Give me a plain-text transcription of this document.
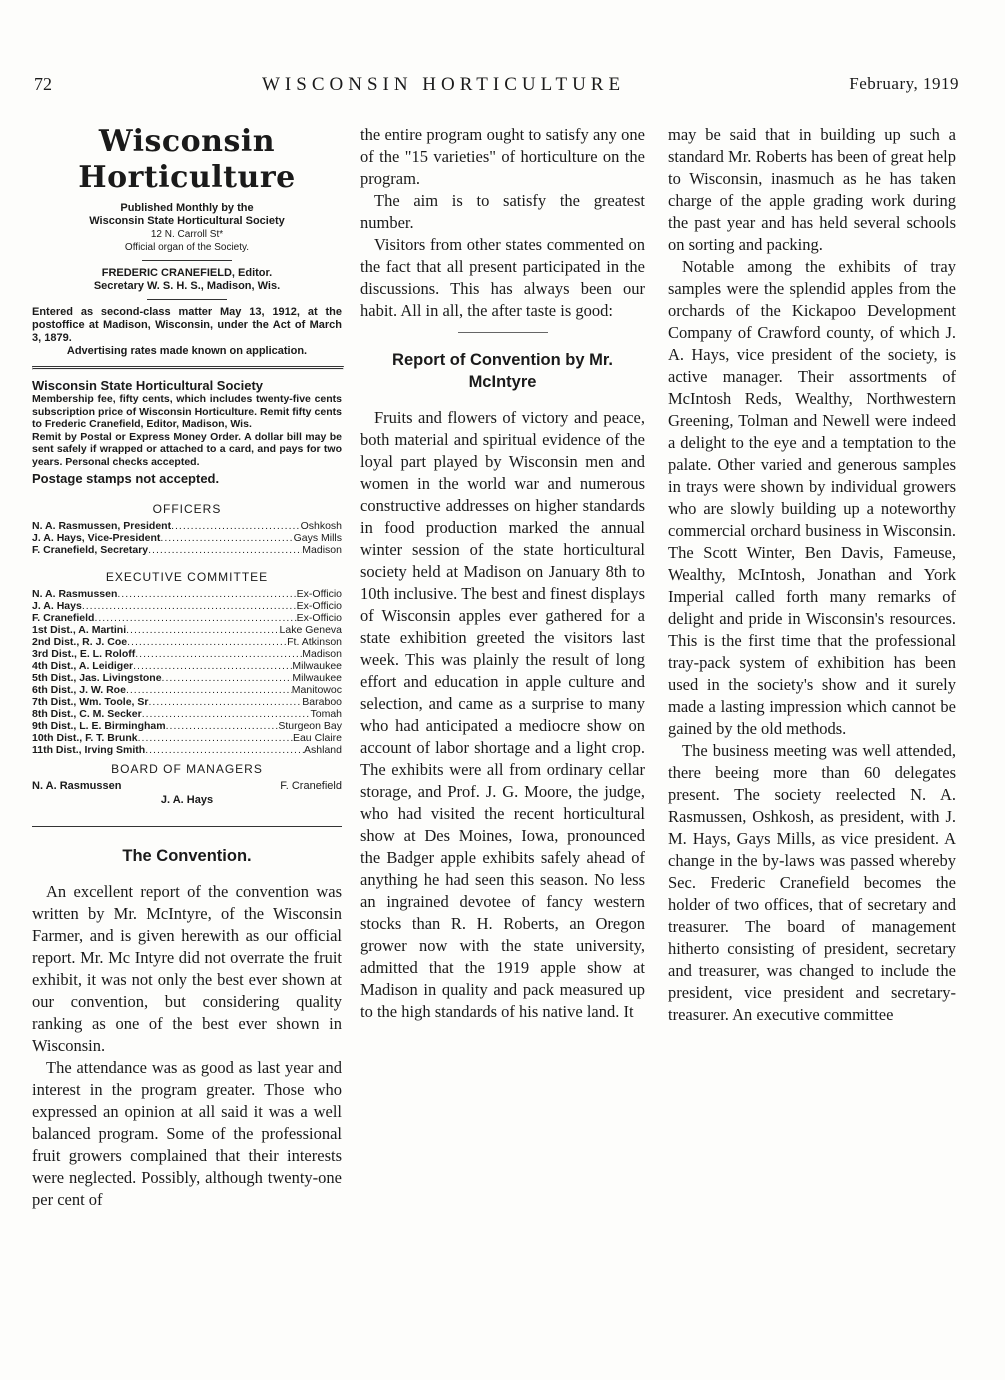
72	WISCONSIN HORTICULTURE	February, 1919
Wisconsin Horticulture
Published Monthly by the
Wisconsin State Horticultural Society
12 N. Carroll St*
Official organ of the Society.
FREDERIC CRANEFIELD, Editor.
Secretary W. S. H. S., Madison, Wis.
Entered as second-class matter May 13, 1912, at the postoffice at Madison, Wisconsin, under the Act of March 3, 1879.
Advertising rates made known on application.
Wisconsin State Horticultural Society
Membership fee, fifty cents, which includes twenty-five cents subscription price of Wisconsin Horticulture. Remit fifty cents to Frederic Cranefield, Editor, Madison, Wis.
Remit by Postal or Express Money Order. A dollar bill may be sent safely if wrapped or attached to a card, and pays for two years. Personal checks accepted.
Postage stamps not accepted.
OFFICERS
N. A. Rasmussen, President .....	Oshkosh
J. A. Hays, Vice-President .....	Gays Mills
F. Cranefield, Secretary .....	Madison
EXECUTIVE COMMITTEE
N. A. Rasmussen .....	Ex-Officio
J. A. Hays .....	Ex-Officio
F. Cranefield .....	Ex-Officio
1st Dist., A. Martini .....	Lake Geneva
2nd Dist., R. J. Coe .....	Ft. Atkinson
3rd Dist., E. L. Roloff .....	Madison
4th Dist., A. Leidiger .....	Milwaukee
5th Dist., Jas. Livingstone .....	Milwaukee
6th Dist., J. W. Roe .....	Manitowoc
7th Dist., Wm. Toole, Sr .....	Baraboo
8th Dist., C. M. Secker .....	Tomah
9th Dist., L. E. Birmingham .....	Sturgeon Bay
10th Dist., F. T. Brunk .....	Eau Claire
11th Dist., Irving Smith .....	Ashland
BOARD OF MANAGERS
N. A. Rasmussen	F. Cranefield
J. A. Hays
The Convention.

An excellent report of the convention was written by Mr. McIntyre, of the Wisconsin Farmer, and is given herewith as our official report. Mr. Mc Intyre did not overrate the fruit exhibit, it was not only the best ever shown at our convention, but considering quality ranking as one of the best ever shown in Wisconsin.

The attendance was as good as last year and interest in the program greater. Those who expressed an opinion at all said it was a well balanced program. Some of the professional fruit growers complained that their interests were neglected. Possibly, although twenty-one per cent of

the entire program ought to satisfy any one of the "15 varieties" of horticulture on the program.

The aim is to satisfy the greatest number.

Visitors from other states commented on the fact that all present participated in the discussions. This has always been our habit. All in all, the after taste is good:

Report of Convention by Mr. McIntyre

Fruits and flowers of victory and peace, both material and spiritual evidence of the loyal part played by Wisconsin men and women in the world war and numerous constructive addresses on higher standards in food production marked the annual winter session of the state horticultural society held at Madison on January 8th to 10th inclusive. The best and finest displays of Wisconsin apples ever gathered for a state exhibition greeted the visitors last week. This was plainly the result of long effort and education in apple culture and selection, and came as a surprise to many who had anticipated a mediocre show on account of labor shortage and a light crop. The exhibits were all from ordinary cellar storage, and Prof. J. G. Moore, the judge, who had visited the recent horticultural show at Des Moines, Iowa, pronounced the Badger apple exhibits safely ahead of anything he had seen this season. No less an ingrained devotee of fancy western stocks than R. H. Roberts, an Oregon grower now with the state university, admitted that the 1919 apple show at Madison in quality and pack measured up to the high standards of his native land. It

may be said that in building up such a standard Mr. Roberts has been of great help to Wisconsin, inasmuch as he has taken charge of the apple grading work during the past year and has held several schools on sorting and packing.

Notable among the exhibits of tray samples were the splendid apples from the orchards of the Kickapoo Development Company of Crawford county, of which J. A. Hays, vice president of the society, is active manager. Their assortments of McIntosh Reds, Wealthy, Northwestern Greening, Tolman and Newell were indeed a delight to the eye and a temptation to the palate. Other varied and generous samples in trays were shown by individual growers who are slowly building up a noteworthy commercial orchard business in Wisconsin. The Scott Winter, Ben Davis, Fameuse, Wealthy, McIntosh, Jonathan and York Imperial called forth many remarks of delight and pride in Wisconsin's resources. This is the first time that the professional tray-pack system of exhibition has been used in the society's show and it surely made a lasting impression which cannot be gained by the old methods.

The business meeting was well attended, there beeing more than 60 delegates present. The society reelected N. A. Rasmussen, Oshkosh, as president, with J. M. Hays, Gays Mills, as vice president. A change in the by-laws was passed whereby Sec. Frederic Cranefield becomes the holder of two offices, that of secretary and treasurer. The board of management hitherto consisting of president, secretary and treasurer, was changed to include the president, vice president and secretary-treasurer. An executive committee
